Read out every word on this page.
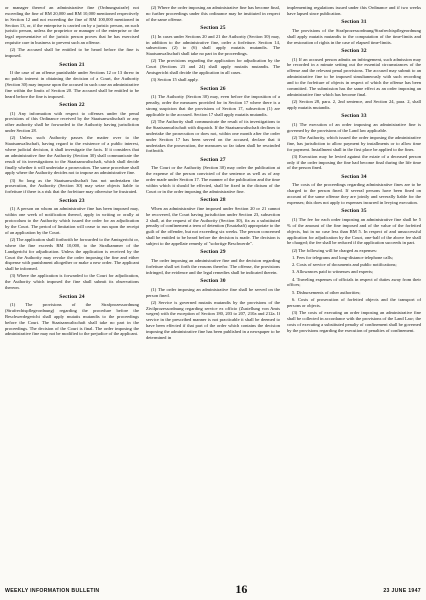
or manager thereof an administrative fine (Ordnungsstrafe) not exceeding the fine of RM 20,000 and RM 10,000 mentioned respectively in Section 12 and not exceeding the fine of RM 100,000 mentioned in Section 13, or, if the enterprise is carried on by a juristic person, on such juristic person, unless the proprietor or manager of the enterprise or the legal representative of the juristic person proves that he has exercised requisite care in business to prevent such an offense.
(2) The accused shall be entitled to be heard before the fine is imposed.
Section 21
If the case of an offense punishable under Sections 12 or 13 threw in no public interest in obtaining the decision of a Court, the Authority (Section 30) may impose upon the accused in such case an administrative fine within the limits of Section 20. The accused shall be entitled to be heard before the fine is imposed.
Section 22
(1) Any information with respect to offenses under the penal provisions of this Ordinance received by the Staatsanwaltschaft or any other authority shall be forwarded to the Authority having jurisdiction under Section 28.
(2) Unless such Authority passes the matter over to the Staatsanwaltschaft, having regard to the existence of a public interest, where judicial decision, it shall investigate the facts. If it considers that an administrative fine the Authority (Section 30) shall communicate the result of its investigations to the Staatsanwaltschaft, which shall decide finally whether it will undertake a prosecution. The same procedure shall apply where the Authority decides not to impose an administrative fine.
(3) So long as the Staatsanwaltschaft has not undertaken the prosecution, the Authority (Section 30) may seize objects liable to forfeiture if there is a risk that the forfeiture may otherwise be frustrated.
Section 23
(1) A person on whom an administrative fine has been imposed may, within one week of notification thereof, apply in writing or orally at protocolum to the Authority which issued the order for an adjudication by the Court. The period of limitation will cease to run upon the receipt of an application by the Court.
(2) The application shall forthwith be forwarded to the Amtsgericht or, where the fine exceeds RM 10,000, to the Strafkammer of the Landgericht for adjudication. Unless the application is received by the Court the Authority may revoke the order imposing the fine and either dispense with punishment altogether or make a new order. The applicant shall be informed.
(3) Where the application is forwarded to the Court for adjudication, the Authority which imposed the fine shall submit its observations thereon.
Section 24
(1) The provisions of the Strafprozessordnung (Strafrechtspflegeordnung) regarding the procedure before the Beschwerdegericht shall apply mutatis mutandis to the proceedings before the Court. The Staatsanwaltschaft shall take no part in the proceedings. The decision of the Court is final. The order imposing the administrative fine may not be modified to the prejudice of the applicant.
(2) Where the order imposing an administrative fine has become final, no further proceedings under this ordinance may be instituted in respect of the same offense.
Section 25
(1) In cases under Sections 20 and 21 the Authority (Section 30) may, in addition to the administrative fine, order a forfeiture. Section 14, subsections (2) to (6) shall apply mutatis mutandis. The Staatsanwaltschaft shall take no part in the proceedings.
(2) The provisions regarding the application for adjudication by the Court (Sections 23 and 24) shall apply mutatis mutandis. The Amtsgericht shall decide the application in all cases.
(3) Section 15 shall apply.
Section 26
(1) The Authority (Section 30) may, even before the imposition of a penalty, order the measures provided for in Section 17 where there is a strong suspicion that the provisions of Section 17, subsection (1) are applicable to the accused. Section 17 shall apply mutatis mutandis.
(2) The Authority shall communicate the result of its investigations to the Staatsanwaltschaft with dispatch. If the Staatsanwaltschaft declines to undertake the prosecution or does not, within one month after the order under Section 17 has been served on the accused, declare that it undertakes the prosecution, the measures so far taken shall be rescinded forthwith.
Section 27
The Court or the Authority (Section 30) may order the publication at the expense of the person convicted of the sentence as well as of any order made under Section 17. The manner of the publication and the time within which it should be effected, shall be fixed in the dictum of the Court or in the order imposing the administrative fine.
Section 28
When an administrative fine imposed under Section 20 or 21 cannot be recovered, the Court having jurisdiction under Section 23, subsection 2 shall, at the request of the Authority (Section 30), fix as a substituted penalty of confinement a term of detention (Ersatzhaft) appropriate to the guilt of the offender, but not exceeding six weeks. The person concerned shall be entitled to be heard before the decision is made. The decision is subject to the appellate remedy of "sofortige Beschwerde".
Section 29
The order imposing an administrative fine and the decision regarding forfeiture shall set forth the reasons therefor. The offense, the provisions infringed, the evidence and the legal remedies shall be indicated therein.
Section 30
(1) The order imposing an administrative fine shall be served on the person fined.
(2) Service is governed mutatis mutandis by the provisions of the Zivilprozessordnung regarding service ex officio (Zustellung von Amts wegen) with the exception of Section 180, 203 to 207, 210a and 212a. If service in the prescribed manner is not practicable it shall be deemed to have been effected if that part of the order which contains the decision imposing the administrative fine has been published in a newspaper to be determined in
implementing regulations issued under this Ordinance and if two weeks have lapsed since publication.
Section 31
The provisions of the Strafprozessordnung/Strafrechtspflegeordnung shall apply mutatis mutandis to the computation of the time-limits and the restoration of rights in the case of elapsed time-limits.
Section 32
(1) If an accused person admits an infringement, such admission may be recorded in a minute setting out the essential circumstances of the offense and the relevant penal provisions. The accused may submit to an administrative fine to be imposed simultaneously with such recording and to the forfeiture of objects in respect of which the offense has been committed. The submission has the same effect as an order imposing an administrative fine which has become final.
(2) Section 28, para. 2, 2nd sentence, and Section 24, para. 2, shall apply mutatis mutandis.
Section 33
(1) The execution of an order imposing an administrative fine is governed by the provisions of the Land law applicable.
(2) The Authority, which issued the order imposing the administrative fine, has jurisdiction to allow payment by installments or to allow time for payment. Installment shall in the first place be applied to the fines.
(3) Execution may be levied against the estate of a deceased person only if the order imposing the fine had become final during the life time of the person fined.
Section 34
The costs of the proceedings regarding administrative fines are to be charged to the person fined. If several persons have been fined on account of the same offense they are jointly and severally liable for the expenses; this does not apply to expenses incurred in levying execution.
Section 35
(1) The fee for each order imposing an administrative fine shall be 5 % of the amount of the fine imposed and of the value of the forfeited objects, but in no case less than RM 5. In respect of and unsuccessful application for adjudication by the Court, one-half of the above fee shall be charged; the fee shall be reduced if the application succeeds in part.
(2) The following will be charged as expenses:
1. Fees for telegrams and long-distance telephone calls;
2. Costs of service of documents and public notifications;
3. Allowances paid to witnesses and experts;
4. Traveling expenses of officials in respect of duties away from their offices;
5. Disbursements of other authorities;
6. Costs of prosecution of forfeited objects and the transport of persons or objects.
(3) The costs of executing an order imposing an administrative fine shall be collected in accordance with the provisions of the Land Law; the costs of executing a substituted penalty of confinement shall be governed by the provisions regarding the execution of penalties of confinement.
WEEKLY INFORMATION BULLETIN	16	23 JUNE 1947
